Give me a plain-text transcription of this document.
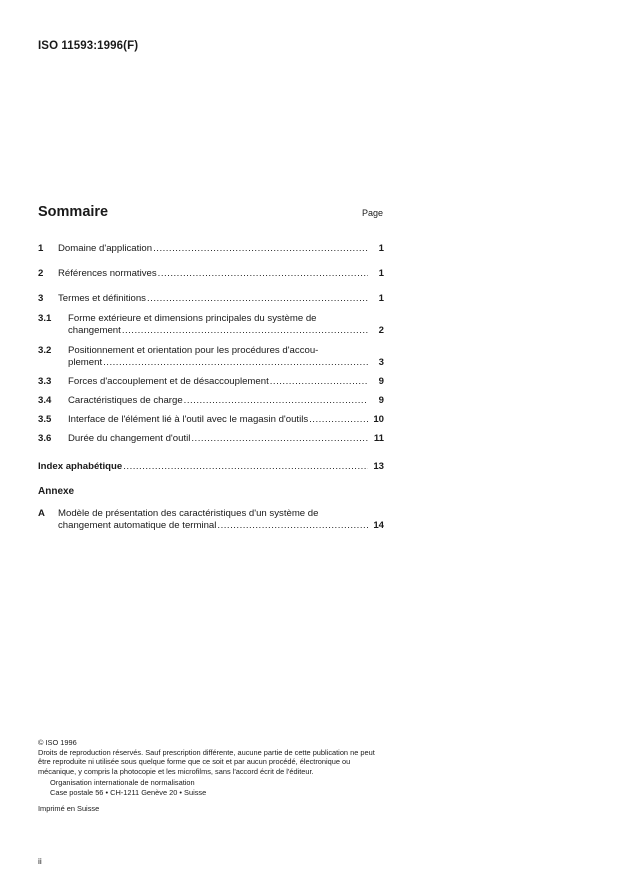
ISO 11593:1996(F)
Sommaire	Page
1	Domaine d'application .....	1
2	Références normatives .....	1
3	Termes et définitions .....	1
3.1	Forme extérieure et dimensions principales du système de
changement .....	2
3.2	Positionnement et orientation pour les procédures d'accou-
plement .....	3
3.3	Forces d'accouplement et de désaccouplement .....	9
3.4	Caractéristiques de charge .....	9
3.5	Interface de l'élément lié à l'outil avec le magasin d'outils .....	10
3.6	Durée du changement d'outil .....	11
Index aphabétique .....	13
A	Modèle de présentation des caractéristiques d'un système de
changement automatique de terminal .....	14
Annexe

© ISO 1996

Droits de reproduction réservés. Sauf prescription différente, aucune partie de cette publication ne peut être reproduite ni utilisée sous quelque forme que ce soit et par aucun procédé, électronique ou mécanique, y compris la photocopie et les microfilms, sans l'accord écrit de l'éditeur.

Organisation internationale de normalisation

Case postale 56 • CH-1211 Genève 20 • Suisse

Imprimé en Suisse

ii
